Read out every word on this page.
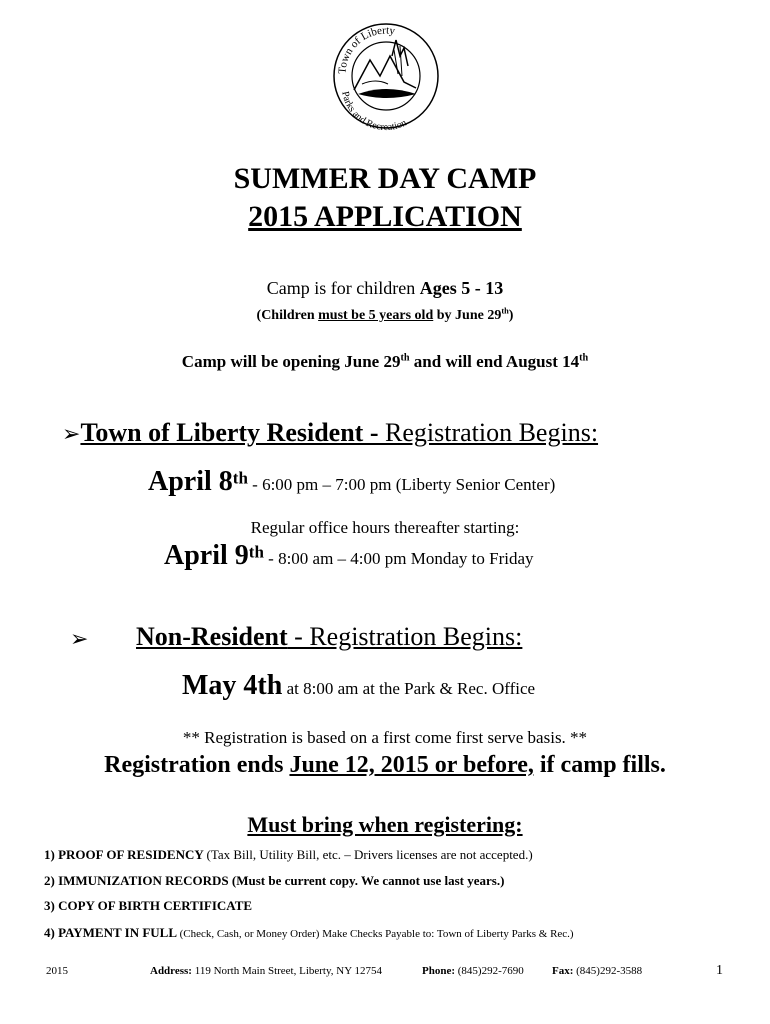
Town of Liberty
Parks and Recreation
SUMMER DAY CAMP
2015 APPLICATION
Camp is for children Ages 5 - 13
(Children must be 5 years old by June 29th)
Camp will be opening June 29th and will end August 14th
➢Town of Liberty Resident - Registration Begins:
April 8th - 6:00 pm – 7:00 pm (Liberty Senior Center)
Regular office hours thereafter starting:
April 9th - 8:00 am – 4:00 pm Monday to Friday
➢ Non-Resident - Registration Begins:
May 4th at 8:00 am at the Park & Rec. Office
** Registration is based on a first come first serve basis. **
Registration ends June 12, 2015 or before, if camp fills.
Must bring when registering:
1) PROOF OF RESIDENCY (Tax Bill, Utility Bill, etc. – Drivers licenses are not accepted.)
2) IMMUNIZATION RECORDS (Must be current copy. We cannot use last years.)
3) COPY OF BIRTH CERTIFICATE
4) PAYMENT IN FULL (Check, Cash, or Money Order) Make Checks Payable to: Town of Liberty Parks & Rec.)
2015	Address: 119 North Main Street, Liberty, NY 12754	Phone: (845)292-7690	Fax: (845)292-3588	1
